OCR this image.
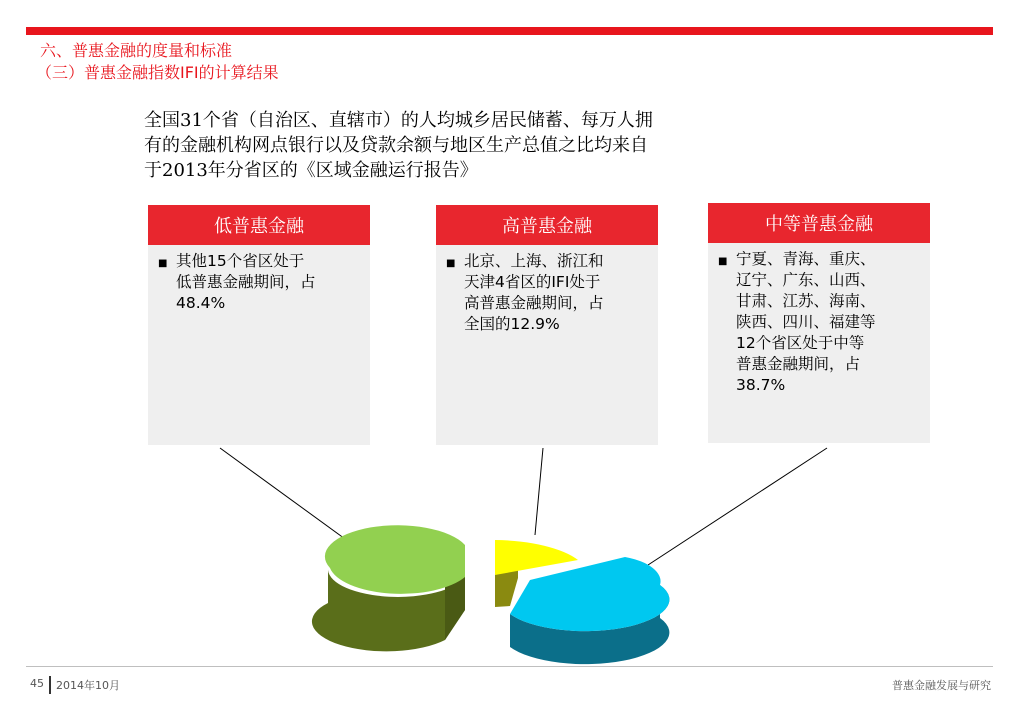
六、普惠金融的度量和标准
（三）普惠金融指数IFI的计算结果
全国31个省（自治区、直辖市）的人均城乡居民储蓄、每万人拥
有的金融机构网点银行以及贷款余额与地区生产总值之比均来自
于2013年分省区的《区域金融运行报告》
低普惠金融
■ 其他15个省区处于
低普惠金融期间，占
48.4%
高普惠金融
■ 北京、上海、浙江和
天津4省区的IFI处于
高普惠金融期间，占
全国的12.9%
中等普惠金融
■ 宁夏、青海、重庆、
辽宁、广东、山西、
甘肃、江苏、海南、
陕西、四川、福建等
12个省区处于中等
普惠金融期间，占
38.7%
45 2014年10月	普惠金融发展与研究
